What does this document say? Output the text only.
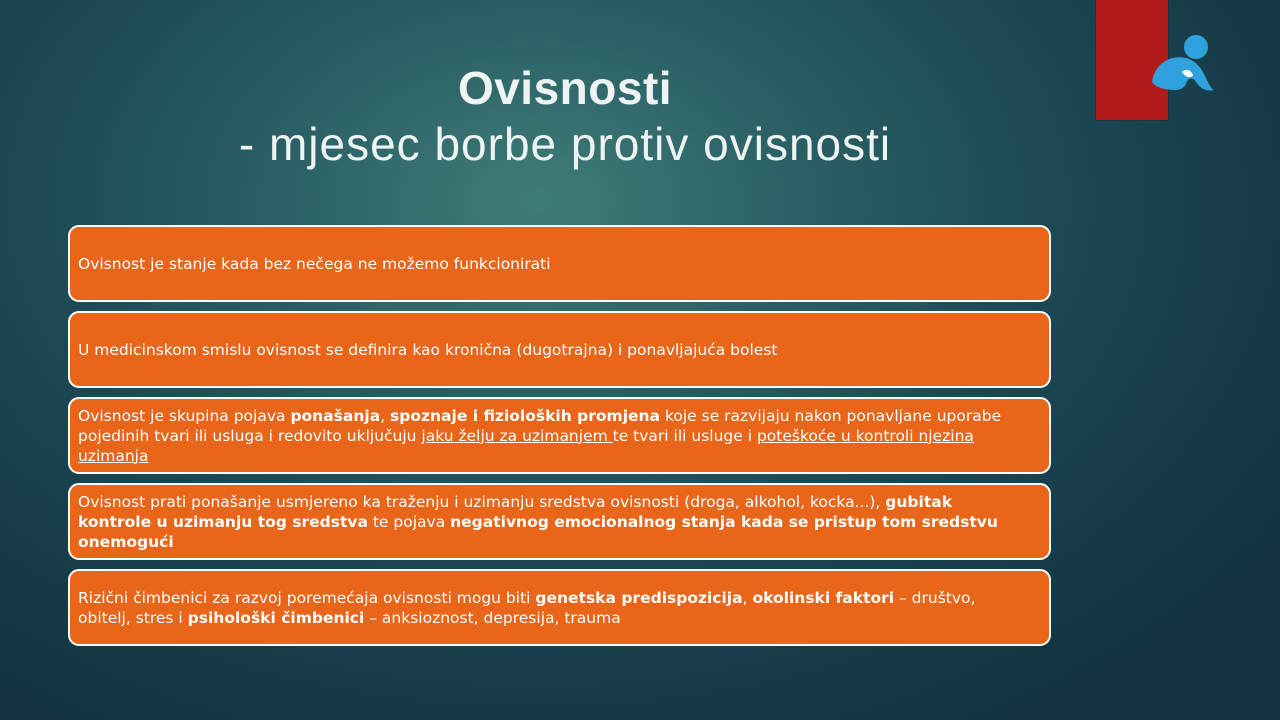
Ovisnosti
- mjesec borbe protiv ovisnosti
Ovisnost je stanje kada bez nečega ne možemo funkcionirati
U medicinskom smislu ovisnost se definira kao kronična (dugotrajna) i ponavljajuća bolest
Ovisnost je skupina pojava ponašanja, spoznaje i fizioloških promjena koje se razvijaju nakon ponavljane uporabe pojedinih tvari ili usluga i redovito uključuju jaku želju za uzimanjem te tvari ili usluge i poteškoće u kontroli njezina uzimanja
Ovisnost prati ponašanje usmjereno ka traženju i uzimanju sredstva ovisnosti (droga, alkohol, kocka...), gubitak kontrole u uzimanju tog sredstva te pojava negativnog emocionalnog stanja kada se pristup tom sredstvu onemogući
Rizični čimbenici za razvoj poremećaja ovisnosti mogu biti genetska predispozicija, okolinski faktori – društvo, obitelj, stres i psihološki čimbenici – anksioznost, depresija, trauma
